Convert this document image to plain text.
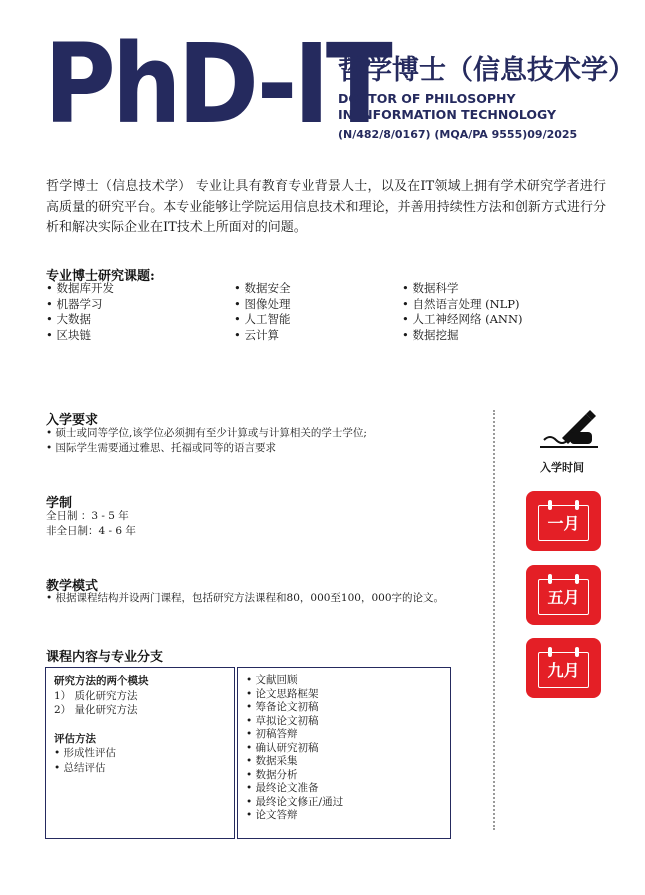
PhD-IT
哲学博士（信息技术学）
DOCTOR OF PHILOSOPHY
IN INFORMATION TECHNOLOGY
(N/482/8/0167) (MQA/PA 9555)09/2025

哲学博士（信息技术学） 专业让具有教育专业背景人士，以及在IT领域上拥有学术研究学者进行高质量的研究平台。本专业能够让学院运用信息技术和理论，并善用持续性方法和创新方式进行分析和解决实际企业在IT技术上所面对的问题。

专业博士研究课题:
• 数据库开发	• 数据安全	• 数据科学
• 机器学习	• 图像处理	• 自然语言处理 (NLP)
• 大数据	• 人工智能	• 人工神经网络 (ANN)
• 区块链	• 云计算	• 数据挖掘
入学要求
• 硕士或同等学位,该学位必须拥有至少计算或与计算相关的学士学位;
• 国际学生需要通过雅思、托福或同等的语言要求
学制
全日制 ：3 - 5 年
非全日制：4 - 6 年
教学模式
• 根据课程结构并设两门课程，包括研究方法课程和80，000至100，000字的论文。
课程内容与专业分支
研究方法的两个模块
1） 质化研究方法
2） 量化研究方法
评估方法
• 形成性评估
• 总结评估
• 文献回顾
• 论文思路框架
• 筹备论文初稿
• 草拟论文初稿
• 初稿答辩
• 确认研究初稿
• 数据采集
• 数据分析
• 最终论文准备
• 最终论文修正/通过
• 论文答辩
入学时间
一月
五月
九月
